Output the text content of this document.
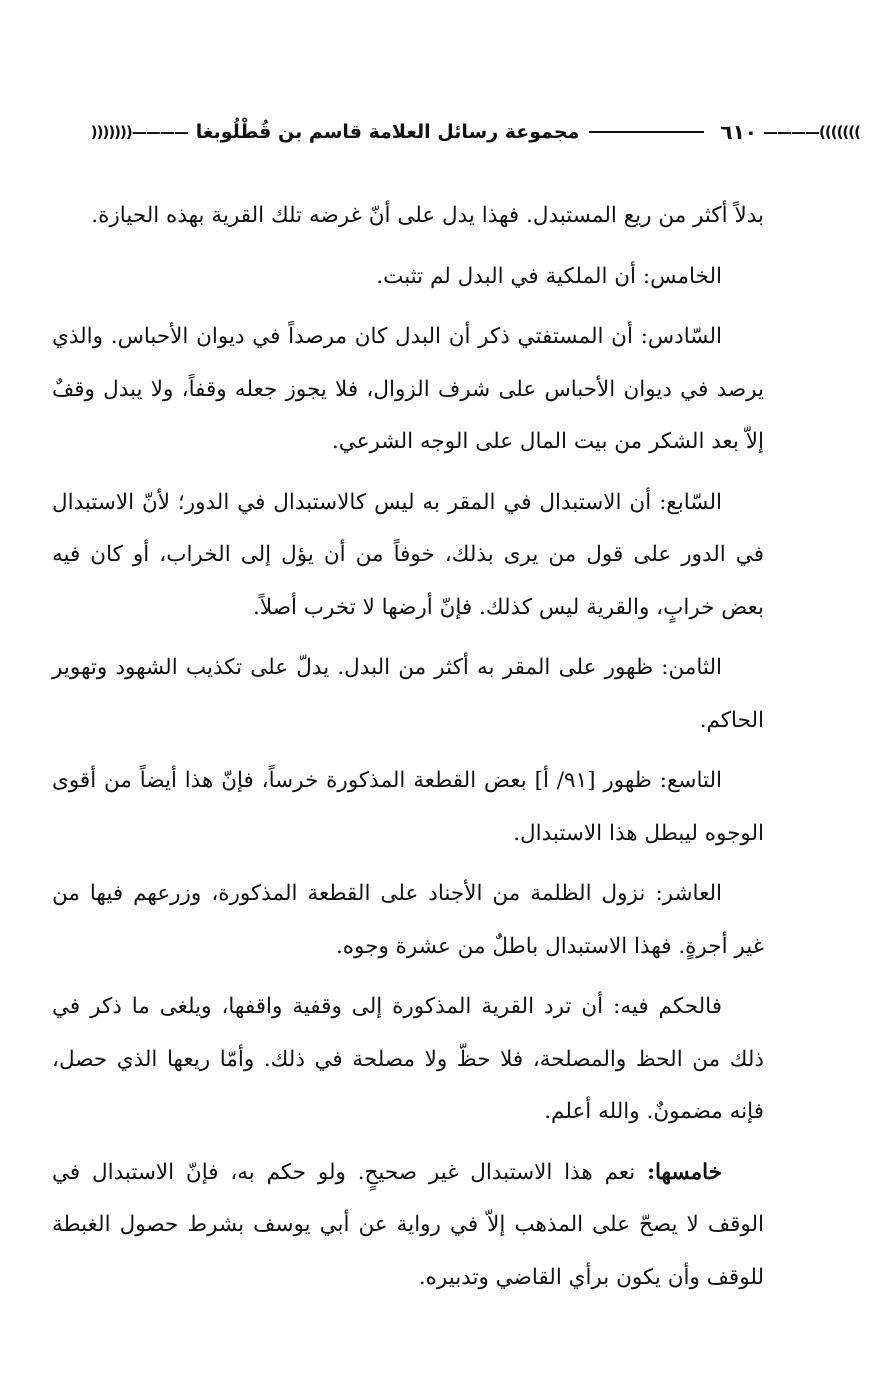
)))))))————
٦١٠
مجموعة رسائل العلامة قاسم بن قُطْلُوبغا
————(((((((

بدلاً أكثر من ريع المستبدل. فهذا يدل على أنّ غرضه تلك القرية بهذه الحيازة.

الخامس: أن الملكية في البدل لم تثبت.

السّادس: أن المستفتي ذكر أن البدل كان مرصداً في ديوان الأحباس. والذي يرصد في ديوان الأحباس على شرف الزوال، فلا يجوز جعله وقفاً، ولا يبدل وقفٌ إلاّ بعد الشكر من بيت المال على الوجه الشرعي.

السّابع: أن الاستبدال في المقر به ليس كالاستبدال في الدور؛ لأنّ الاستبدال في الدور على قول من يرى بذلك، خوفاً من أن يؤل إلى الخراب، أو كان فيه بعض خرابٍ، والقرية ليس كذلك. فإنّ أرضها لا تخرب أصلاً.

الثامن: ظهور على المقر به أكثر من البدل. يدلّ على تكذيب الشهود وتهوير الحاكم.

التاسع: ظهور [٩١/ أ] بعض القطعة المذكورة خرساً، فإنّ هذا أيضاً من أقوى الوجوه ليبطل هذا الاستبدال.

العاشر: نزول الظلمة من الأجناد على القطعة المذكورة، وزرعهم فيها من غير أجرةٍ. فهذا الاستبدال باطلٌ من عشرة وجوه.

فالحكم فيه: أن ترد القرية المذكورة إلى وقفية واقفها، ويلغى ما ذكر في ذلك من الحظ والمصلحة، فلا حظّ ولا مصلحة في ذلك. وأمّا ريعها الذي حصل، فإنه مضمونٌ. والله أعلم.

خامسها: نعم هذا الاستبدال غير صحيحٍ. ولو حكم به، فإنّ الاستبدال في الوقف لا يصحّ على المذهب إلاّ في رواية عن أبي يوسف بشرط حصول الغبطة للوقف وأن يكون برأي القاضي وتدبيره.
